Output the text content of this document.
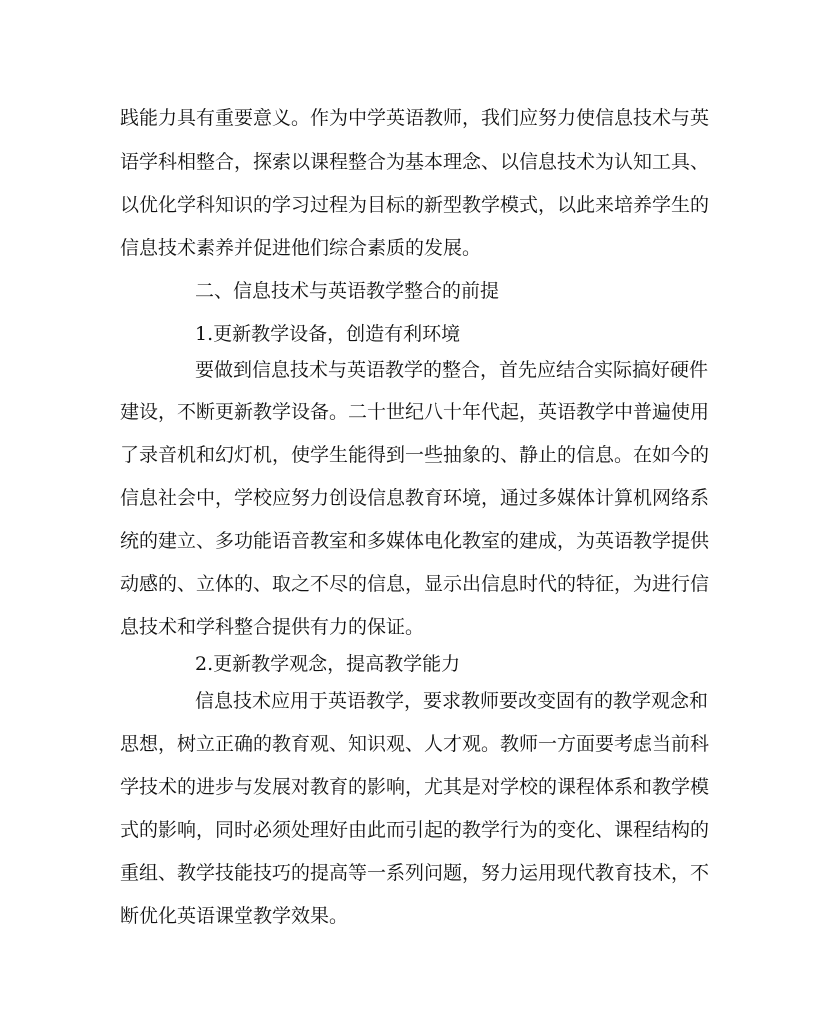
践能力具有重要意义。作为中学英语教师，我们应努力使信息技术与英
语学科相整合，探索以课程整合为基本理念、以信息技术为认知工具、
以优化学科知识的学习过程为目标的新型教学模式，以此来培养学生的
信息技术素养并促进他们综合素质的发展。
二、信息技术与英语教学整合的前提
1.更新教学设备，创造有利环境
要做到信息技术与英语教学的整合，首先应结合实际搞好硬件
建设，不断更新教学设备。二十世纪八十年代起，英语教学中普遍使用
了录音机和幻灯机，使学生能得到一些抽象的、静止的信息。在如今的
信息社会中，学校应努力创设信息教育环境，通过多媒体计算机网络系
统的建立、多功能语音教室和多媒体电化教室的建成，为英语教学提供
动感的、立体的、取之不尽的信息，显示出信息时代的特征，为进行信
息技术和学科整合提供有力的保证。
2.更新教学观念，提高教学能力
信息技术应用于英语教学，要求教师要改变固有的教学观念和
思想，树立正确的教育观、知识观、人才观。教师一方面要考虑当前科
学技术的进步与发展对教育的影响，尤其是对学校的课程体系和教学模
式的影响，同时必须处理好由此而引起的教学行为的变化、课程结构的
重组、教学技能技巧的提高等一系列问题，努力运用现代教育技术，不
断优化英语课堂教学效果。
